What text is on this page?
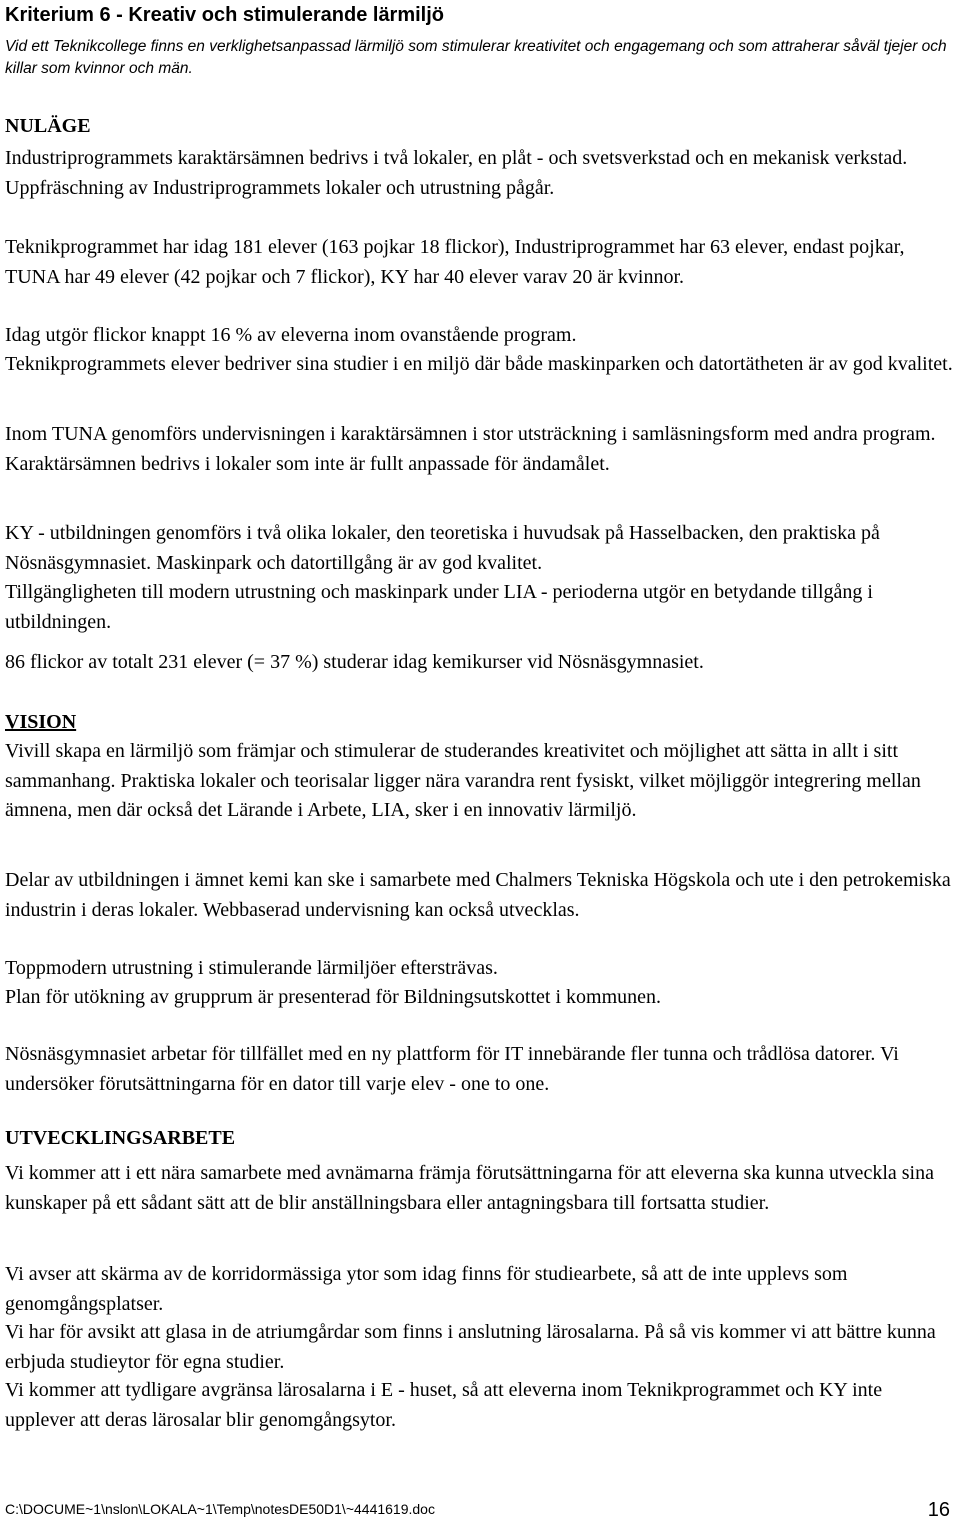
Kriterium 6 - Kreativ och stimulerande lärmiljö

Vid ett Teknikcollege finns en verklighetsanpassad lärmiljö som stimulerar kreativitet och engagemang och som attraherar såväl tjejer och killar som kvinnor och män.

NULÄGE

Industriprogrammets karaktärsämnen bedrivs i två lokaler, en plåt - och svetsverkstad och en mekanisk verkstad. Uppfräschning av Industriprogrammets lokaler och utrustning pågår.

Teknikprogrammet har idag 181 elever (163 pojkar 18 flickor), Industriprogrammet har 63 elever, endast pojkar, TUNA har 49 elever (42 pojkar och 7 flickor), KY har 40 elever varav 20 är kvinnor.

Idag utgör flickor knappt 16 % av eleverna inom ovanstående program.

Teknikprogrammets elever bedriver sina studier i en miljö där både maskinparken och datortätheten är av god kvalitet.

Inom TUNA genomförs undervisningen i karaktärsämnen i stor utsträckning i samläsningsform med andra program. Karaktärsämnen bedrivs i lokaler som inte är fullt anpassade för ändamålet.

KY - utbildningen genomförs i två olika lokaler, den teoretiska i huvudsak på Hasselbacken, den praktiska på Nösnäsgymnasiet. Maskinpark och datortillgång är av god kvalitet.

Tillgängligheten till modern utrustning och maskinpark under LIA - perioderna utgör en betydande tillgång i utbildningen.

86 flickor av totalt 231 elever (= 37 %) studerar idag kemikurser vid Nösnäsgymnasiet.

VISION

Vivill skapa en lärmiljö som främjar och stimulerar de studerandes kreativitet och möjlighet att sätta in allt i sitt sammanhang. Praktiska lokaler och teorisalar ligger nära varandra rent fysiskt, vilket möjliggör integrering mellan ämnena, men där också det Lärande i Arbete, LIA, sker i en innovativ lärmiljö.

Delar av utbildningen i ämnet kemi kan ske i samarbete med Chalmers Tekniska Högskola och ute i den petrokemiska industrin i deras lokaler. Webbaserad undervisning kan också utvecklas.

Toppmodern utrustning i stimulerande lärmiljöer eftersträvas.

Plan för utökning av grupprum är presenterad för Bildningsutskottet i kommunen.

Nösnäsgymnasiet arbetar för tillfället med en ny plattform för IT innebärande fler tunna och trådlösa datorer. Vi undersöker förutsättningarna för en dator till varje elev - one to one.

UTVECKLINGSARBETE

Vi kommer att i ett nära samarbete med avnämarna främja förutsättningarna för att eleverna ska kunna utveckla sina kunskaper på ett sådant sätt att de blir anställningsbara eller antagningsbara till fortsatta studier.

Vi avser att skärma av de korridormässiga ytor som idag finns för studiearbete, så att de inte upplevs som genomgångsplatser.

Vi har för avsikt att glasa in de atriumgårdar som finns i anslutning lärosalarna. På så vis kommer vi att bättre kunna erbjuda studieytor för egna studier.

Vi kommer att tydligare avgränsa lärosalarna i E - huset, så att eleverna inom Teknikprogrammet och KY inte upplever att deras lärosalar blir genomgångsytor.

C:\DOCUME~1\nslon\LOKALA~1\Temp\notesDE50D1\~4441619.doc	16
